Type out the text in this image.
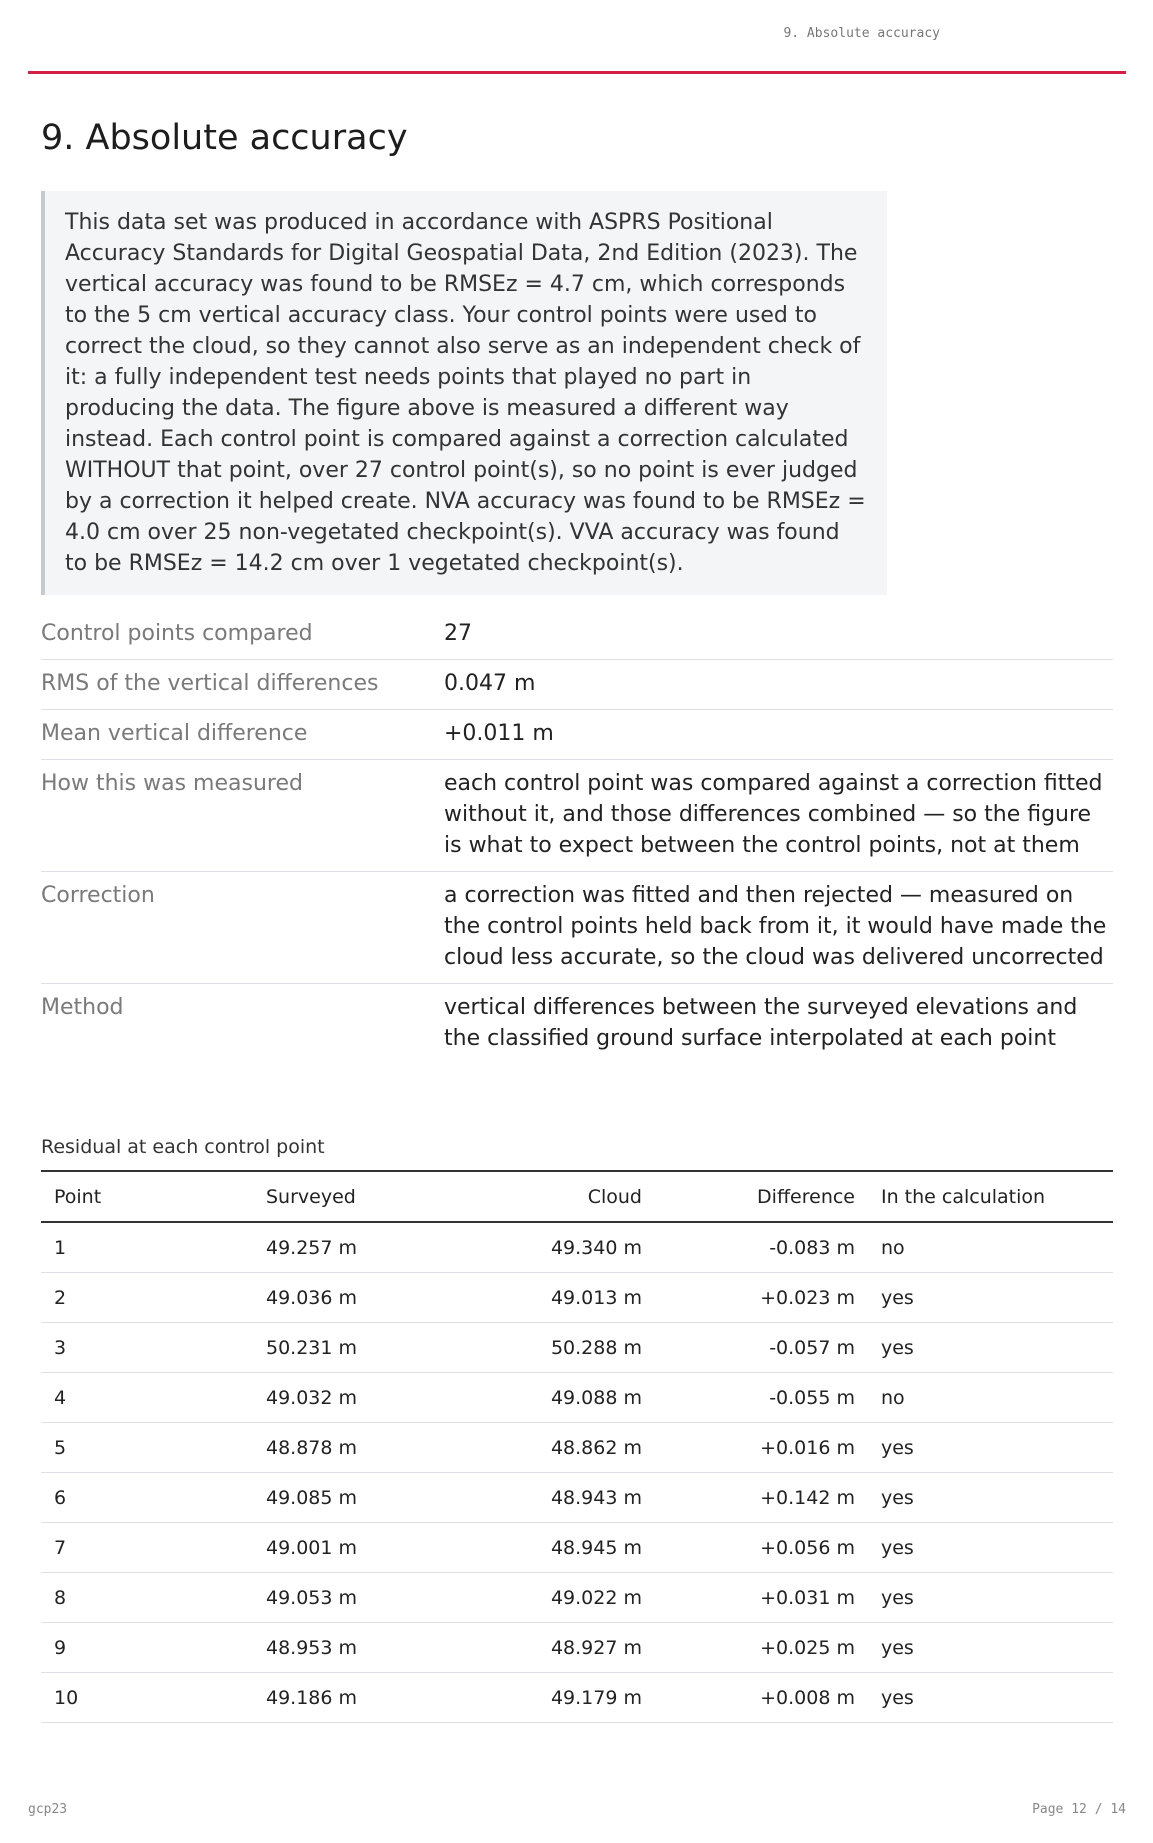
9. Absolute accuracy
9. Absolute accuracy
This data set was produced in accordance with ASPRS Positional Accuracy Standards for Digital Geospatial Data, 2nd Edition (2023). The vertical accuracy was found to be RMSEz = 4.7 cm, which corresponds to the 5 cm vertical accuracy class. Your control points were used to correct the cloud, so they cannot also serve as an independent check of it: a fully independent test needs points that played no part in producing the data. The figure above is measured a different way instead. Each control point is compared against a correction calculated WITHOUT that point, over 27 control point(s), so no point is ever judged by a correction it helped create. NVA accuracy was found to be RMSEz = 4.0 cm over 25 non-vegetated checkpoint(s). VVA accuracy was found to be RMSEz = 14.2 cm over 1 vegetated checkpoint(s).
Control points compared	27
RMS of the vertical differences	0.047 m
Mean vertical difference	+0.011 m
How this was measured	each control point was compared against a correction fitted without it, and those differences combined — so the figure is what to expect between the control points, not at them
Correction	a correction was fitted and then rejected — measured on the control points held back from it, it would have made the cloud less accurate, so the cloud was delivered uncorrected
Method	vertical differences between the surveyed elevations and the classified ground surface interpolated at each point
Residual at each control point
Point	Surveyed	Cloud	Difference	In the calculation
1	49.257 m	49.340 m	-0.083 m	no
2	49.036 m	49.013 m	+0.023 m	yes
3	50.231 m	50.288 m	-0.057 m	yes
4	49.032 m	49.088 m	-0.055 m	no
5	48.878 m	48.862 m	+0.016 m	yes
6	49.085 m	48.943 m	+0.142 m	yes
7	49.001 m	48.945 m	+0.056 m	yes
8	49.053 m	49.022 m	+0.031 m	yes
9	48.953 m	48.927 m	+0.025 m	yes
10	49.186 m	49.179 m	+0.008 m	yes
gcp23	Page 12 / 14
